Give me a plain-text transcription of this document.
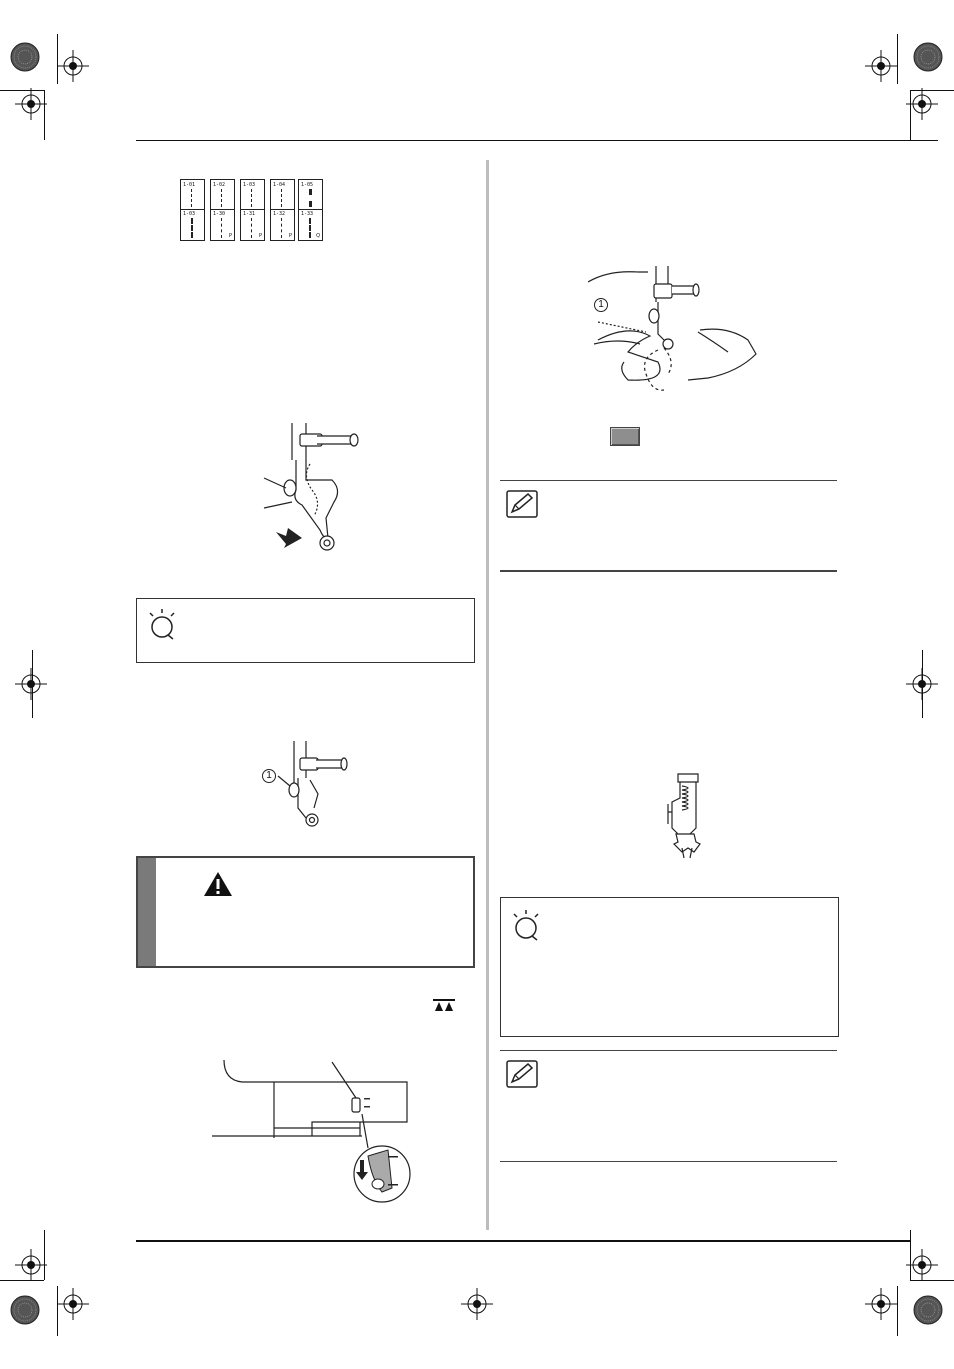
1-01
1-03
1-02
1-30
P
1-03
1-31
P
1-04
1-32
P
1-05
1-33
Q
1
1
